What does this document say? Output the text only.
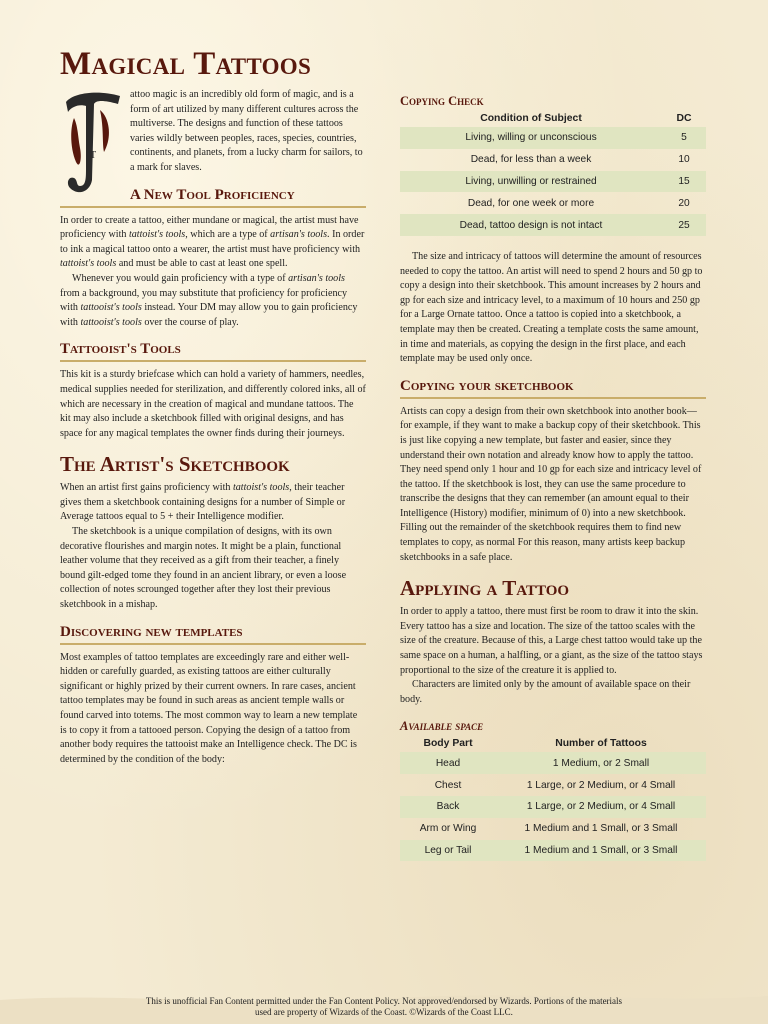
Magical Tattoos
T

attoo magic is an incredibly old form of magic, and is a form of art utilized by many different cultures across the multiverse. The designs and function of these tattoos varies wildly between peoples, races, species, countries, continents, and planets, from a lucky charm for sailors, to a mark for slaves.

A New Tool Proficiency

In order to create a tattoo, either mundane or magical, the artist must have proficiency with tattoist's tools, which are a type of artisan's tools. In order to ink a magical tattoo onto a wearer, the artist must have proficiency with tattoist's tools and must be able to cast at least one spell.

Whenever you would gain proficiency with a type of artisan's tools from a background, you may substitute that proficiency for proficiency with tattooist's tools instead. Your DM may allow you to gain proficiency with tattooist's tools over the course of play.

Tattooist's Tools

This kit is a sturdy briefcase which can hold a variety of hammers, needles, medical supplies needed for sterilization, and differently colored inks, all of which are necessary in the creation of magical and mundane tattoos. The kit may also include a sketchbook filled with original designs, and has space for any magical templates the owner finds during their journeys.

The Artist's Sketchbook

When an artist first gains proficiency with tattoist's tools, their teacher gives them a sketchbook containing designs for a number of Simple or Average tattoos equal to 5 + their Intelligence modifier.

The sketchbook is a unique compilation of designs, with its own decorative flourishes and margin notes. It might be a plain, functional leather volume that they received as a gift from their teacher, a finely bound gilt-edged tome they found in an ancient library, or even a loose collection of notes scrounged together after they lost their previous sketchbook in a mishap.

Discovering new templates

Most examples of tattoo templates are exceedingly rare and either well-hidden or carefully guarded, as existing tattoos are either culturally significant or highly prized by their current owners. In rare cases, ancient tattoo templates may be found in such areas as ancient temple walls or found carved into totems. The most common way to learn a new template is to copy it from a tattooed person. Copying the design of a tattoo from another body requires the tattooist make an Intelligence check. The DC is determined by the condition of the body:

Copying Check
Condition of Subject	DC
Living, willing or unconscious	5
Dead, for less than a week	10
Living, unwilling or restrained	15
Dead, for one week or more	20
Dead, tattoo design is not intact	25

The size and intricacy of tattoos will determine the amount of resources needed to copy the tattoo. An artist will need to spend 2 hours and 50 gp to copy a design into their sketchbook. This amount increases by 2 hours and gp for each size and intricacy level, to a maximum of 10 hours and 250 gp for a Large Ornate tattoo. Once a tattoo is copied into a sketchbook, a template may then be created. Creating a template costs the same amount, in time and materials, as copying the design in the first place, and each template may be used only once.

Copying your sketchbook

Artists can copy a design from their own sketchbook into another book— for example, if they want to make a backup copy of their sketchbook. This is just like copying a new template, but faster and easier, since they understand their own notation and already know how to apply the tattoo. They need spend only 1 hour and 10 gp for each size and intricacy level of the tattoo. If the sketchbook is lost, they can use the same procedure to transcribe the designs that they can remember (an amount equal to their Intelligence (History) modifier, minimum of 0) into a new sketchbook. Filling out the remainder of the sketchbook requires them to find new templates to copy, as normal For this reason, many artists keep backup sketchbooks in a safe place.

Applying a Tattoo

In order to apply a tattoo, there must first be room to draw it into the skin. Every tattoo has a size and location. The size of the tattoo scales with the size of the creature. Because of this, a Large chest tattoo would take up the same space on a human, a halfling, or a giant, as the size of the tattoo stays proportional to the size of the creature it is applied to.

Characters are limited only by the amount of available space on their body.

Available space
Body Part	Number of Tattoos
Head	1 Medium, or 2 Small
Chest	1 Large, or 2 Medium, or 4 Small
Back	1 Large, or 2 Medium, or 4 Small
Arm or Wing	1 Medium and 1 Small, or 3 Small
Leg or Tail	1 Medium and 1 Small, or 3 Small
This is unofficial Fan Content permitted under the Fan Content Policy. Not approved/endorsed by Wizards. Portions of the materials
used are property of Wizards of the Coast. ©Wizards of the Coast LLC.
